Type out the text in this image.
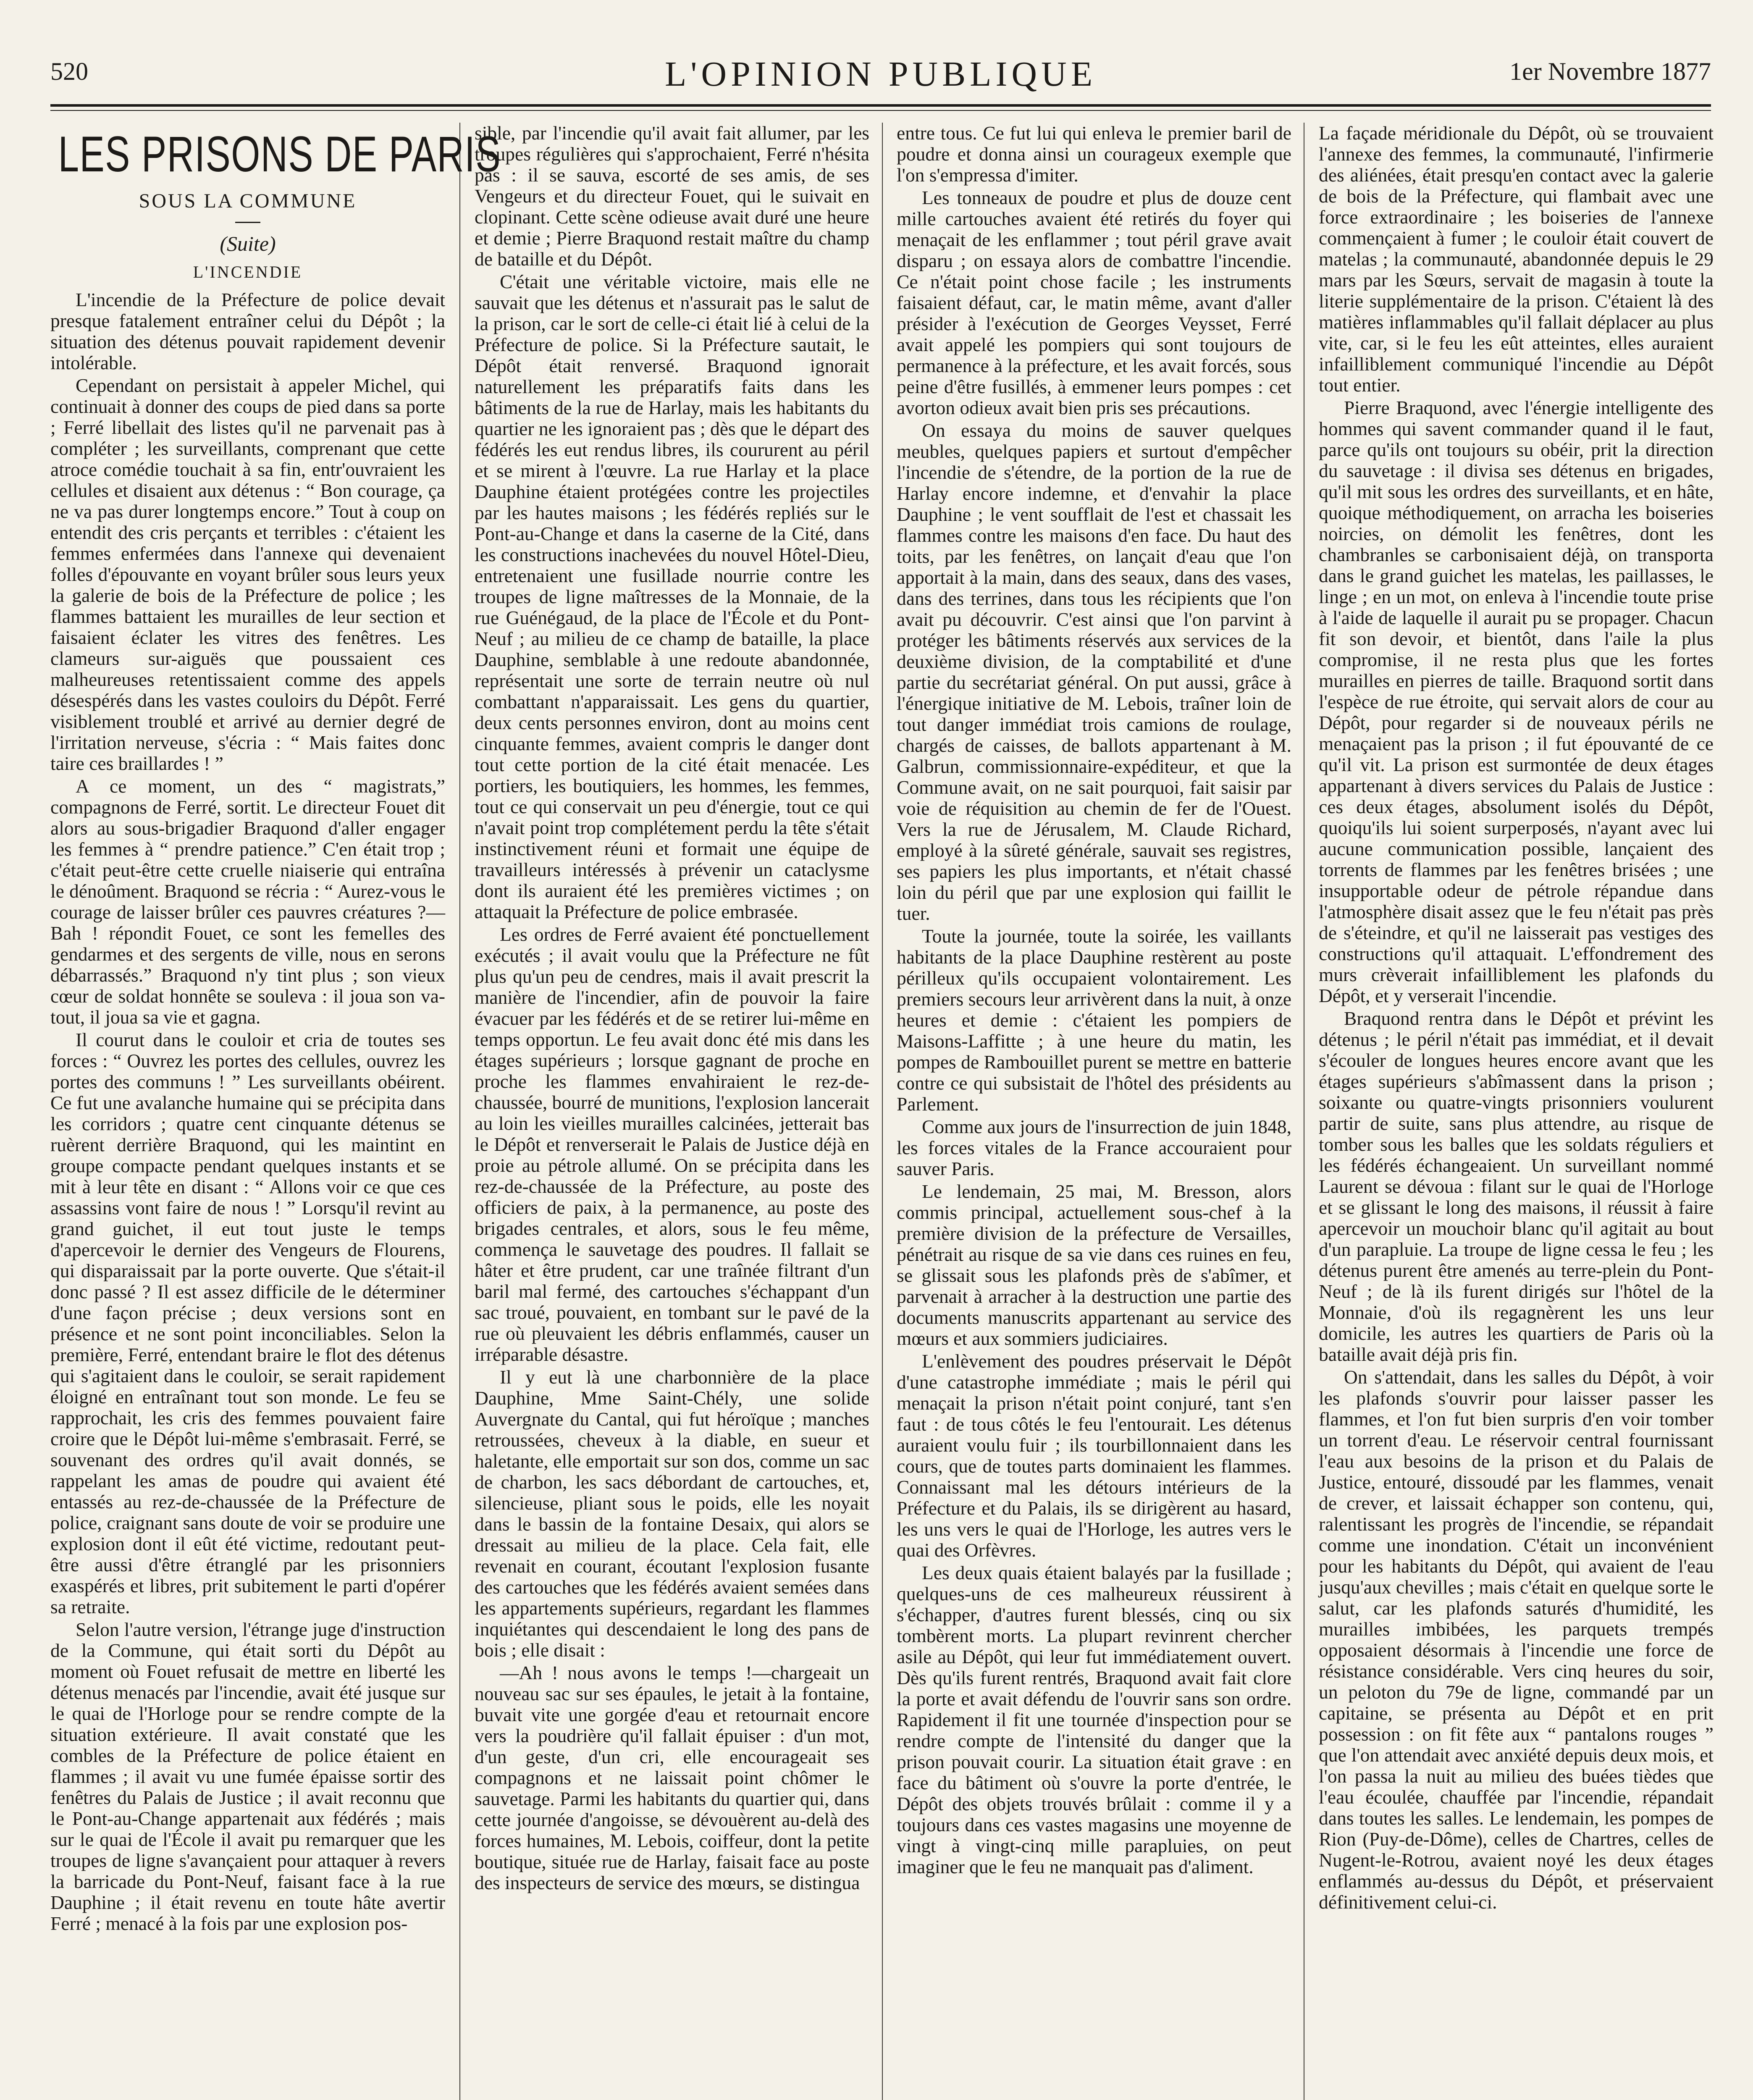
520	L'OPINION PUBLIQUE	1er Novembre 1877
LES PRISONS DE PARIS
SOUS LA COMMUNE
(Suite)
L'INCENDIE

L'incendie de la Préfecture de police devait presque fatalement entraîner celui du Dépôt ; la situation des détenus pouvait rapidement devenir intolérable.

Cependant on persistait à appeler Michel, qui continuait à donner des coups de pied dans sa porte ; Ferré libellait des listes qu'il ne parvenait pas à compléter ; les surveillants, comprenant que cette atroce comédie touchait à sa fin, entr'ouvraient les cellules et disaient aux détenus : “ Bon courage, ça ne va pas durer longtemps encore.” Tout à coup on entendit des cris perçants et terribles : c'étaient les femmes enfermées dans l'annexe qui devenaient folles d'épouvante en voyant brûler sous leurs yeux la galerie de bois de la Préfecture de police ; les flammes battaient les murailles de leur section et faisaient éclater les vitres des fenêtres. Les clameurs sur-aiguës que poussaient ces malheureuses retentissaient comme des appels désespérés dans les vastes couloirs du Dépôt. Ferré visiblement troublé et arrivé au dernier degré de l'irritation nerveuse, s'écria : “ Mais faites donc taire ces braillardes ! ”

A ce moment, un des “ magistrats,” compagnons de Ferré, sortit. Le directeur Fouet dit alors au sous-brigadier Braquond d'aller engager les femmes à “ prendre patience.” C'en était trop ; c'était peut-être cette cruelle niaiserie qui entraîna le dénoûment. Braquond se récria : “ Aurez-vous le courage de laisser brûler ces pauvres créatures ?—Bah ! répondit Fouet, ce sont les femelles des gendarmes et des sergents de ville, nous en serons débarrassés.” Braquond n'y tint plus ; son vieux cœur de soldat honnête se souleva : il joua son va-tout, il joua sa vie et gagna.

Il courut dans le couloir et cria de toutes ses forces : “ Ouvrez les portes des cellules, ouvrez les portes des communs ! ” Les surveillants obéirent. Ce fut une avalanche humaine qui se précipita dans les corridors ; quatre cent cinquante détenus se ruèrent derrière Braquond, qui les maintint en groupe compacte pendant quelques instants et se mit à leur tête en disant : “ Allons voir ce que ces assassins vont faire de nous ! ” Lorsqu'il revint au grand guichet, il eut tout juste le temps d'apercevoir le dernier des Vengeurs de Flourens, qui disparaissait par la porte ouverte. Que s'était-il donc passé ? Il est assez difficile de le déterminer d'une façon précise ; deux versions sont en présence et ne sont point inconciliables. Selon la première, Ferré, entendant braire le flot des détenus qui s'agitaient dans le couloir, se serait rapidement éloigné en entraînant tout son monde. Le feu se rapprochait, les cris des femmes pouvaient faire croire que le Dépôt lui-même s'embrasait. Ferré, se souvenant des ordres qu'il avait donnés, se rappelant les amas de poudre qui avaient été entassés au rez-de-chaussée de la Préfecture de police, craignant sans doute de voir se produire une explosion dont il eût été victime, redoutant peut-être aussi d'être étranglé par les prisonniers exaspérés et libres, prit subitement le parti d'opérer sa retraite.

Selon l'autre version, l'étrange juge d'instruction de la Commune, qui était sorti du Dépôt au moment où Fouet refusait de mettre en liberté les détenus menacés par l'incendie, avait été jusque sur le quai de l'Horloge pour se rendre compte de la situation extérieure. Il avait constaté que les combles de la Préfecture de police étaient en flammes ; il avait vu une fumée épaisse sortir des fenêtres du Palais de Justice ; il avait reconnu que le Pont-au-Change appartenait aux fédérés ; mais sur le quai de l'École il avait pu remarquer que les troupes de ligne s'avançaient pour attaquer à revers la barricade du Pont-Neuf, faisant face à la rue Dauphine ; il était revenu en toute hâte avertir Ferré ; menacé à la fois par une explosion pos-

sible, par l'incendie qu'il avait fait allumer, par les troupes régulières qui s'approchaient, Ferré n'hésita pas : il se sauva, escorté de ses amis, de ses Vengeurs et du directeur Fouet, qui le suivait en clopinant. Cette scène odieuse avait duré une heure et demie ; Pierre Braquond restait maître du champ de bataille et du Dépôt.

C'était une véritable victoire, mais elle ne sauvait que les détenus et n'assurait pas le salut de la prison, car le sort de celle-ci était lié à celui de la Préfecture de police. Si la Préfecture sautait, le Dépôt était renversé. Braquond ignorait naturellement les préparatifs faits dans les bâtiments de la rue de Harlay, mais les habitants du quartier ne les ignoraient pas ; dès que le départ des fédérés les eut rendus libres, ils coururent au péril et se mirent à l'œuvre. La rue Harlay et la place Dauphine étaient protégées contre les projectiles par les hautes maisons ; les fédérés repliés sur le Pont-au-Change et dans la caserne de la Cité, dans les constructions inachevées du nouvel Hôtel-Dieu, entretenaient une fusillade nourrie contre les troupes de ligne maîtresses de la Monnaie, de la rue Guénégaud, de la place de l'École et du Pont-Neuf ; au milieu de ce champ de bataille, la place Dauphine, semblable à une redoute abandonnée, représentait une sorte de terrain neutre où nul combattant n'apparaissait. Les gens du quartier, deux cents personnes environ, dont au moins cent cinquante femmes, avaient compris le danger dont tout cette portion de la cité était menacée. Les portiers, les boutiquiers, les hommes, les femmes, tout ce qui conservait un peu d'énergie, tout ce qui n'avait point trop complétement perdu la tête s'était instinctivement réuni et formait une équipe de travailleurs intéressés à prévenir un cataclysme dont ils auraient été les premières victimes ; on attaquait la Préfecture de police embrasée.

Les ordres de Ferré avaient été ponctuellement exécutés ; il avait voulu que la Préfecture ne fût plus qu'un peu de cendres, mais il avait prescrit la manière de l'incendier, afin de pouvoir la faire évacuer par les fédérés et de se retirer lui-même en temps opportun. Le feu avait donc été mis dans les étages supérieurs ; lorsque gagnant de proche en proche les flammes envahiraient le rez-de-chaussée, bourré de munitions, l'explosion lancerait au loin les vieilles murailles calcinées, jetterait bas le Dépôt et renverserait le Palais de Justice déjà en proie au pétrole allumé. On se précipita dans les rez-de-chaussée de la Préfecture, au poste des officiers de paix, à la permanence, au poste des brigades centrales, et alors, sous le feu même, commença le sauvetage des poudres. Il fallait se hâter et être prudent, car une traînée filtrant d'un baril mal fermé, des cartouches s'échappant d'un sac troué, pouvaient, en tombant sur le pavé de la rue où pleuvaient les débris enflammés, causer un irréparable désastre.

Il y eut là une charbonnière de la place Dauphine, Mme Saint-Chély, une solide Auvergnate du Cantal, qui fut héroïque ; manches retroussées, cheveux à la diable, en sueur et haletante, elle emportait sur son dos, comme un sac de charbon, les sacs débordant de cartouches, et, silencieuse, pliant sous le poids, elle les noyait dans le bassin de la fontaine Desaix, qui alors se dressait au milieu de la place. Cela fait, elle revenait en courant, écoutant l'explosion fusante des cartouches que les fédérés avaient semées dans les appartements supérieurs, regardant les flammes inquiétantes qui descendaient le long des pans de bois ; elle disait :

—Ah ! nous avons le temps !—chargeait un nouveau sac sur ses épaules, le jetait à la fontaine, buvait vite une gorgée d'eau et retournait encore vers la poudrière qu'il fallait épuiser : d'un mot, d'un geste, d'un cri, elle encourageait ses compagnons et ne laissait point chômer le sauvetage. Parmi les habitants du quartier qui, dans cette journée d'angoisse, se dévouèrent au-delà des forces humaines, M. Lebois, coiffeur, dont la petite boutique, située rue de Harlay, faisait face au poste des inspecteurs de service des mœurs, se distingua

entre tous. Ce fut lui qui enleva le premier baril de poudre et donna ainsi un courageux exemple que l'on s'empressa d'imiter.

Les tonneaux de poudre et plus de douze cent mille cartouches avaient été retirés du foyer qui menaçait de les enflammer ; tout péril grave avait disparu ; on essaya alors de combattre l'incendie. Ce n'était point chose facile ; les instruments faisaient défaut, car, le matin même, avant d'aller présider à l'exécution de Georges Veysset, Ferré avait appelé les pompiers qui sont toujours de permanence à la préfecture, et les avait forcés, sous peine d'être fusillés, à emmener leurs pompes : cet avorton odieux avait bien pris ses précautions.

On essaya du moins de sauver quelques meubles, quelques papiers et surtout d'empêcher l'incendie de s'étendre, de la portion de la rue de Harlay encore indemne, et d'envahir la place Dauphine ; le vent soufflait de l'est et chassait les flammes contre les maisons d'en face. Du haut des toits, par les fenêtres, on lançait d'eau que l'on apportait à la main, dans des seaux, dans des vases, dans des terrines, dans tous les récipients que l'on avait pu découvrir. C'est ainsi que l'on parvint à protéger les bâtiments réservés aux services de la deuxième division, de la comptabilité et d'une partie du secrétariat général. On put aussi, grâce à l'énergique initiative de M. Lebois, traîner loin de tout danger immédiat trois camions de roulage, chargés de caisses, de ballots appartenant à M. Galbrun, commissionnaire-expéditeur, et que la Commune avait, on ne sait pourquoi, fait saisir par voie de réquisition au chemin de fer de l'Ouest. Vers la rue de Jérusalem, M. Claude Richard, employé à la sûreté générale, sauvait ses registres, ses papiers les plus importants, et n'était chassé loin du péril que par une explosion qui faillit le tuer.

Toute la journée, toute la soirée, les vaillants habitants de la place Dauphine restèrent au poste périlleux qu'ils occupaient volontairement. Les premiers secours leur arrivèrent dans la nuit, à onze heures et demie : c'étaient les pompiers de Maisons-Laffitte ; à une heure du matin, les pompes de Rambouillet purent se mettre en batterie contre ce qui subsistait de l'hôtel des présidents au Parlement.

Comme aux jours de l'insurrection de juin 1848, les forces vitales de la France accouraient pour sauver Paris.

Le lendemain, 25 mai, M. Bresson, alors commis principal, actuellement sous-chef à la première division de la préfecture de Versailles, pénétrait au risque de sa vie dans ces ruines en feu, se glissait sous les plafonds près de s'abîmer, et parvenait à arracher à la destruction une partie des documents manuscrits appartenant au service des mœurs et aux sommiers judiciaires.

L'enlèvement des poudres préservait le Dépôt d'une catastrophe immédiate ; mais le péril qui menaçait la prison n'était point conjuré, tant s'en faut : de tous côtés le feu l'entourait. Les détenus auraient voulu fuir ; ils tourbillonnaient dans les cours, que de toutes parts dominaient les flammes. Connaissant mal les détours intérieurs de la Préfecture et du Palais, ils se dirigèrent au hasard, les uns vers le quai de l'Horloge, les autres vers le quai des Orfèvres.

Les deux quais étaient balayés par la fusillade ; quelques-uns de ces malheureux réussirent à s'échapper, d'autres furent blessés, cinq ou six tombèrent morts. La plupart revinrent chercher asile au Dépôt, qui leur fut immédiatement ouvert. Dès qu'ils furent rentrés, Braquond avait fait clore la porte et avait défendu de l'ouvrir sans son ordre. Rapidement il fit une tournée d'inspection pour se rendre compte de l'intensité du danger que la prison pouvait courir. La situation était grave : en face du bâtiment où s'ouvre la porte d'entrée, le Dépôt des objets trouvés brûlait : comme il y a toujours dans ces vastes magasins une moyenne de vingt à vingt-cinq mille parapluies, on peut imaginer que le feu ne manquait pas d'aliment.

La façade méridionale du Dépôt, où se trouvaient l'annexe des femmes, la communauté, l'infirmerie des aliénées, était presqu'en contact avec la galerie de bois de la Préfecture, qui flambait avec une force extraordinaire ; les boiseries de l'annexe commençaient à fumer ; le couloir était couvert de matelas ; la communauté, abandonnée depuis le 29 mars par les Sœurs, servait de magasin à toute la literie supplémentaire de la prison. C'étaient là des matières inflammables qu'il fallait déplacer au plus vite, car, si le feu les eût atteintes, elles auraient infailliblement communiqué l'incendie au Dépôt tout entier.

Pierre Braquond, avec l'énergie intelligente des hommes qui savent commander quand il le faut, parce qu'ils ont toujours su obéir, prit la direction du sauvetage : il divisa ses détenus en brigades, qu'il mit sous les ordres des surveillants, et en hâte, quoique méthodiquement, on arracha les boiseries noircies, on démolit les fenêtres, dont les chambranles se carbonisaient déjà, on transporta dans le grand guichet les matelas, les paillasses, le linge ; en un mot, on enleva à l'incendie toute prise à l'aide de laquelle il aurait pu se propager. Chacun fit son devoir, et bientôt, dans l'aile la plus compromise, il ne resta plus que les fortes murailles en pierres de taille. Braquond sortit dans l'espèce de rue étroite, qui servait alors de cour au Dépôt, pour regarder si de nouveaux périls ne menaçaient pas la prison ; il fut épouvanté de ce qu'il vit. La prison est surmontée de deux étages appartenant à divers services du Palais de Justice : ces deux étages, absolument isolés du Dépôt, quoiqu'ils lui soient surperposés, n'ayant avec lui aucune communication possible, lançaient des torrents de flammes par les fenêtres brisées ; une insupportable odeur de pétrole répandue dans l'atmosphère disait assez que le feu n'était pas près de s'éteindre, et qu'il ne laisserait pas vestiges des constructions qu'il attaquait. L'effondrement des murs crèverait infailliblement les plafonds du Dépôt, et y verserait l'incendie.

Braquond rentra dans le Dépôt et prévint les détenus ; le péril n'était pas immédiat, et il devait s'écouler de longues heures encore avant que les étages supérieurs s'abîmassent dans la prison ; soixante ou quatre-vingts prisonniers voulurent partir de suite, sans plus attendre, au risque de tomber sous les balles que les soldats réguliers et les fédérés échangeaient. Un surveillant nommé Laurent se dévoua : filant sur le quai de l'Horloge et se glissant le long des maisons, il réussit à faire apercevoir un mouchoir blanc qu'il agitait au bout d'un parapluie. La troupe de ligne cessa le feu ; les détenus purent être amenés au terre-plein du Pont-Neuf ; de là ils furent dirigés sur l'hôtel de la Monnaie, d'où ils regagnèrent les uns leur domicile, les autres les quartiers de Paris où la bataille avait déjà pris fin.

On s'attendait, dans les salles du Dépôt, à voir les plafonds s'ouvrir pour laisser passer les flammes, et l'on fut bien surpris d'en voir tomber un torrent d'eau. Le réservoir central fournissant l'eau aux besoins de la prison et du Palais de Justice, entouré, dissoudé par les flammes, venait de crever, et laissait échapper son contenu, qui, ralentissant les progrès de l'incendie, se répandait comme une inondation. C'était un inconvénient pour les habitants du Dépôt, qui avaient de l'eau jusqu'aux chevilles ; mais c'était en quelque sorte le salut, car les plafonds saturés d'humidité, les murailles imbibées, les parquets trempés opposaient désormais à l'incendie une force de résistance considérable. Vers cinq heures du soir, un peloton du 79e de ligne, commandé par un capitaine, se présenta au Dépôt et en prit possession : on fit fête aux “ pantalons rouges ” que l'on attendait avec anxiété depuis deux mois, et l'on passa la nuit au milieu des buées tièdes que l'eau écoulée, chauffée par l'incendie, répandait dans toutes les salles. Le lendemain, les pompes de Rion (Puy-de-Dôme), celles de Chartres, celles de Nugent-le-Rotrou, avaient noyé les deux étages enflammés au-dessus du Dépôt, et préservaient définitivement celui-ci.
